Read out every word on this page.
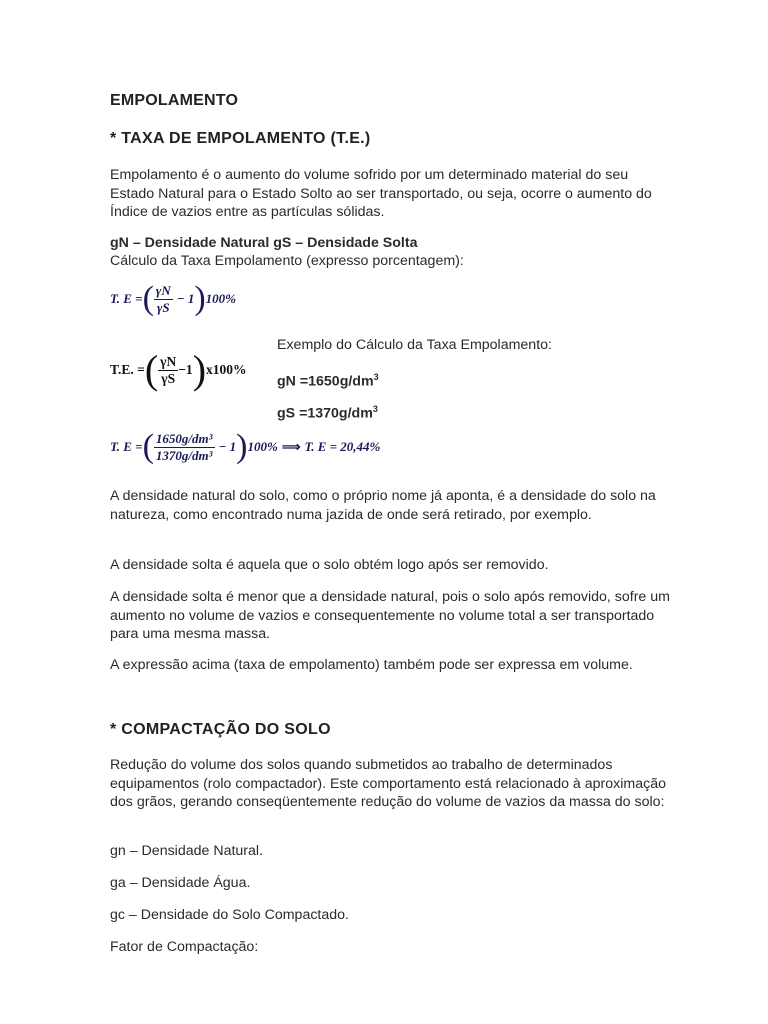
EMPOLAMENTO
* TAXA DE EMPOLAMENTO (T.E.)

Empolamento é o aumento do volume sofrido por um determinado material do seu Estado Natural para o Estado Solto ao ser transportado, ou seja, ocorre o aumento do Índice de vazios entre as partículas sólidas.

gN – Densidade Natural gS – Densidade Solta

Cálculo da Taxa Empolamento (expresso porcentagem):

T. E = ( $\frac{\gamma N}{\gamma S} - 1$ ) 100%
T.E. = ( $\frac{\gamma N}{\gamma S} -1$ ) x100%

Exemplo do Cálculo da Taxa Empolamento:

gN $=1650g/dm^3$

gS $=1370g/dm^3$

T. E = ( $\frac{\text{1650g/dm³}}{\text{1370g/dm³}} - 1$ ) 100% ⟹ T. E = 20,44%

A densidade natural do solo, como o próprio nome já aponta, é a densidade do solo na natureza, como encontrado numa jazida de onde será retirado, por exemplo.

A densidade solta é aquela que o solo obtém logo após ser removido.

A densidade solta é menor que a densidade natural, pois o solo após removido, sofre um aumento no volume de vazios e consequentemente no volume total a ser transportado para uma mesma massa.

A expressão acima (taxa de empolamento) também pode ser expressa em volume.

* COMPACTAÇÃO DO SOLO

Redução do volume dos solos quando submetidos ao trabalho de determinados equipamentos (rolo compactador). Este comportamento está relacionado à aproximação dos grãos, gerando conseqüentemente redução do volume de vazios da massa do solo:

gn – Densidade Natural.

ga – Densidade Água.

gc – Densidade do Solo Compactado.

Fator de Compactação:
